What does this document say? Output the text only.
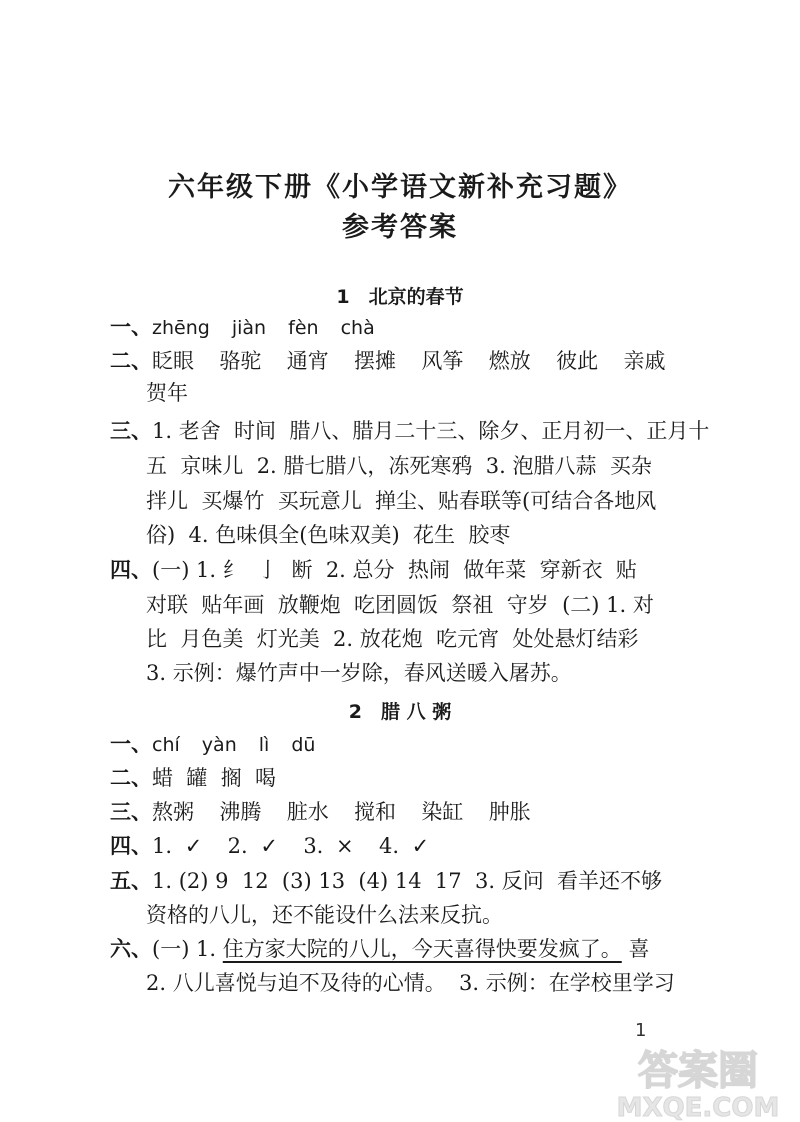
六年级下册《小学语文新补充习题》
参考答案
1　北京的春节
一、zhēng jiàn fèn chà
二、眨眼  骆驼  通宵  摆摊  风筝  燃放  彼此  亲戚
贺年
三、1. 老舍  时间  腊八、腊月二十三、除夕、正月初一、正月十
五  京味儿  2. 腊七腊八，冻死寒鸦  3. 泡腊八蒜  买杂
拌儿  买爆竹  买玩意儿  掸尘、贴春联等(可结合各地风
俗)  4. 色味俱全(色味双美)  花生  胶枣
四、(一) 1. 纟  亅  断  2. 总分  热闹  做年菜  穿新衣  贴
对联  贴年画  放鞭炮  吃团圆饭  祭祖  守岁  (二) 1. 对
比  月色美  灯光美  2. 放花炮  吃元宵  处处悬灯结彩
3. 示例：爆竹声中一岁除，春风送暖入屠苏。
2　腊 八 粥
一、chí yàn lì dū
二、蜡  罐  搁  喝
三、熬粥  沸腾  脏水  搅和  染缸  肿胀
四、1. ✓  2. ✓  3. ×  4. ✓
五、1. (2) 9  12  (3) 13  (4) 14  17  3. 反问  看羊还不够
资格的八儿，还不能设什么法来反抗。
六、(一) 1. 住方家大院的八儿，今天喜得快要发疯了。 喜
2. 八儿喜悦与迫不及待的心情。  3. 示例：在学校里学习
1
答案圈
MXQE.COM
